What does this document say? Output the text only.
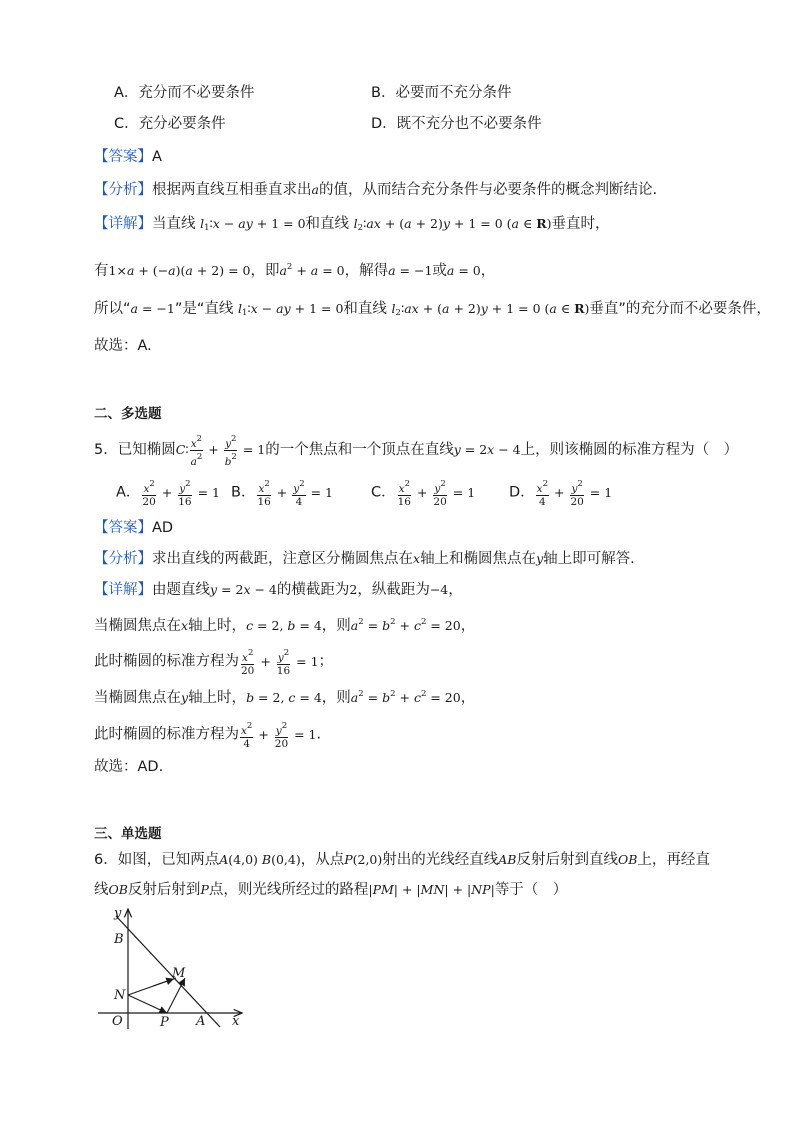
A．充分而不必要条件	B．必要而不充分条件
C．充分必要条件	D．既不充分也不必要条件
【答案】A
【分析】根据两直线互相垂直求出a的值，从而结合充分条件与必要条件的概念判断结论.
【详解】当直线 $l_1∶x$ − ay + 1 = 0和直线 $l_2∶ax + (a + 2)y + 1 = 0$ (a ∈ R)垂直时，
有1×a + (−a)(a + 2) = 0，即$a^2 + a = 0$，解得a = −1或a = 0，
所以“a = −1”是“直线 $l_1∶x$ − ay + 1 = 0和直线 $l_2∶ax + (a + 2)y + 1 = 0$ (a ∈ R)垂直”的充分而不必要条件，
故选：A.
二、多选题
5．已知椭圆C∶ $\frac{x^2}{a^2} + \frac{y^2}{b^2} = 1$的一个焦点和一个顶点在直线y = 2x − 4上，则该椭圆的标准方程为（　）
A． $\frac{x^2}{20} + \frac{y^2}{16} = 1$ B． $\frac{x^2}{16} + \frac{y^2}{4} = 1$	C． $\frac{x^2}{16} + \frac{y^2}{20} = 1$ D． $\frac{x^2}{4} + \frac{y^2}{20} = 1$
【答案】AD
【分析】求出直线的两截距，注意区分椭圆焦点在x轴上和椭圆焦点在y轴上即可解答.
【详解】由题直线y = 2x − 4的横截距为2，纵截距为−4，
当椭圆焦点在x轴上时，c = 2, b = 4，则$a^2 = b^2 + c^2 = 20$，
此时椭圆的标准方程为 $\frac{x^2}{20} + \frac{y^2}{16} = 1$；
当椭圆焦点在y轴上时，b = 2, c = 4，则$a^2 = b^2 + c^2 = 20$，
此时椭圆的标准方程为 $\frac{x^2}{4} + \frac{y^2}{20} = 1$.
故选：AD.
三、单选题
6．如图，已知两点A(4,0) B(0,4)，从点P(2,0)射出的光线经直线AB反射后射到直线OB上，再经直
线OB反射后射到P点，则光线所经过的路程|PM| + |MN| + |NP|等于（　）
y
x
B
M
N
O	P A
